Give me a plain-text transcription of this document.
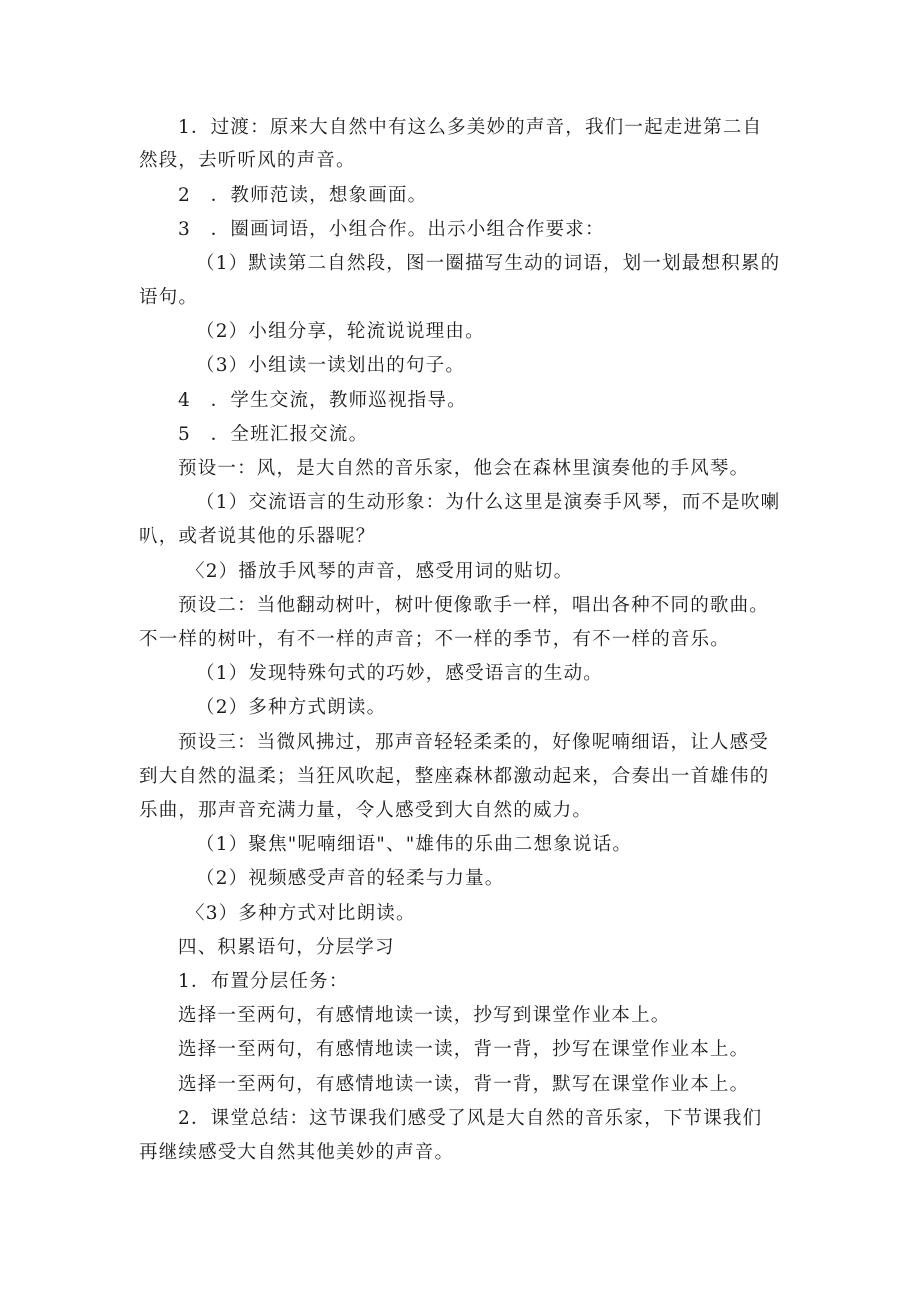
1．过渡：原来大自然中有这么多美妙的声音，我们一起走进第二自
然段，去听听风的声音。
2　．教师范读，想象画面。
3　．圈画词语，小组合作。出示小组合作要求：
（1）默读第二自然段，图一圈描写生动的词语，划一划最想积累的
语句。
（2）小组分享，轮流说说理由。
（3）小组读一读划出的句子。
4　．学生交流，教师巡视指导。
5　．全班汇报交流。
预设一：风，是大自然的音乐家，他会在森林里演奏他的手风琴。
（1）交流语言的生动形象：为什么这里是演奏手风琴，而不是吹喇
叭，或者说其他的乐器呢？
〈2）播放手风琴的声音，感受用词的贴切。
预设二：当他翻动树叶，树叶便像歌手一样，唱出各种不同的歌曲。
不一样的树叶，有不一样的声音；不一样的季节，有不一样的音乐。
（1）发现特殊句式的巧妙，感受语言的生动。
（2）多种方式朗读。
预设三：当微风拂过，那声音轻轻柔柔的，好像呢喃细语，让人感受
到大自然的温柔；当狂风吹起，整座森林都激动起来，合奏出一首雄伟的
乐曲，那声音充满力量，令人感受到大自然的威力。
（1）聚焦"呢喃细语"、"雄伟的乐曲二想象说话。
（2）视频感受声音的轻柔与力量。
〈3）多种方式对比朗读。
四、积累语句，分层学习
1．布置分层任务：
选择一至两句，有感情地读一读，抄写到课堂作业本上。
选择一至两句，有感情地读一读，背一背，抄写在课堂作业本上。
选择一至两句，有感情地读一读，背一背，默写在课堂作业本上。
2．课堂总结：这节课我们感受了风是大自然的音乐家，下节课我们
再继续感受大自然其他美妙的声音。
